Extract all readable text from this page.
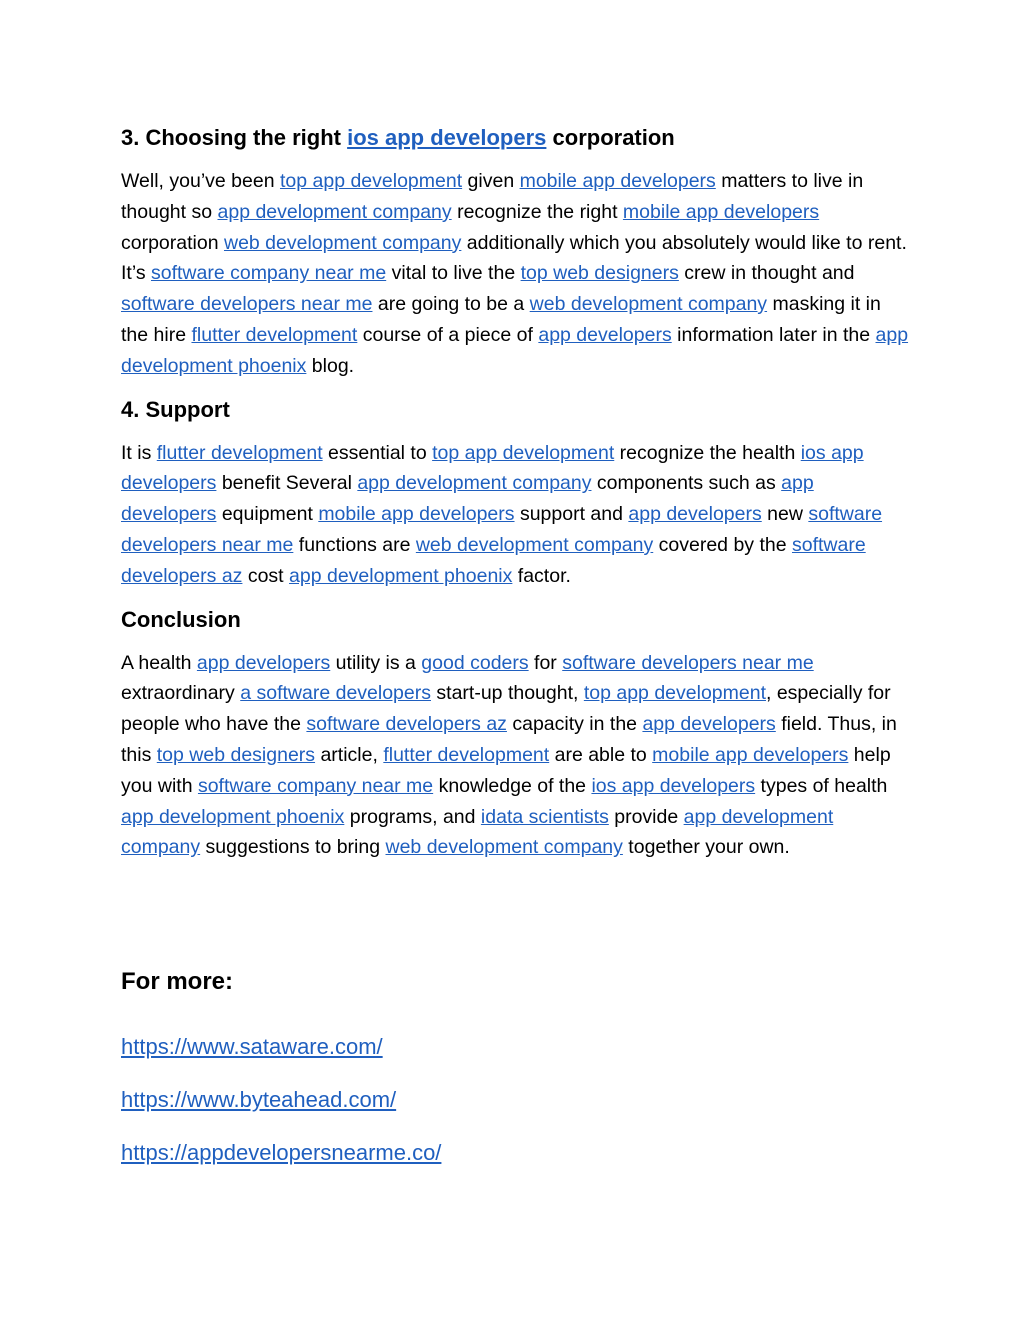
3. Choosing the right ios app developers corporation

Well, you’ve been top app development given mobile app developers matters to live in thought so app development company recognize the right mobile app developers corporation web development company additionally which you absolutely would like to rent. It’s software company near me vital to live the top web designers crew in thought and software developers near me are going to be a web development company masking it in the hire flutter development course of a piece of app developers information later in the app development phoenix blog.

4. Support

It is flutter development essential to top app development recognize the health ios app developers benefit Several app development company components such as app developers equipment mobile app developers support and app developers new software developers near me functions are web development company covered by the software developers az cost app development phoenix factor.

Conclusion

A health app developers utility is a good coders for software developers near me extraordinary a software developers start-up thought, top app development, especially for people who have the software developers az capacity in the app developers field. Thus, in this top web designers article, flutter development are able to mobile app developers help you with software company near me knowledge of the ios app developers types of health app development phoenix programs, and idata scientists provide app development company suggestions to bring web development company together your own.

For more:
https://www.sataware.com/
https://www.byteahead.com/
https://appdevelopersnearme.co/
